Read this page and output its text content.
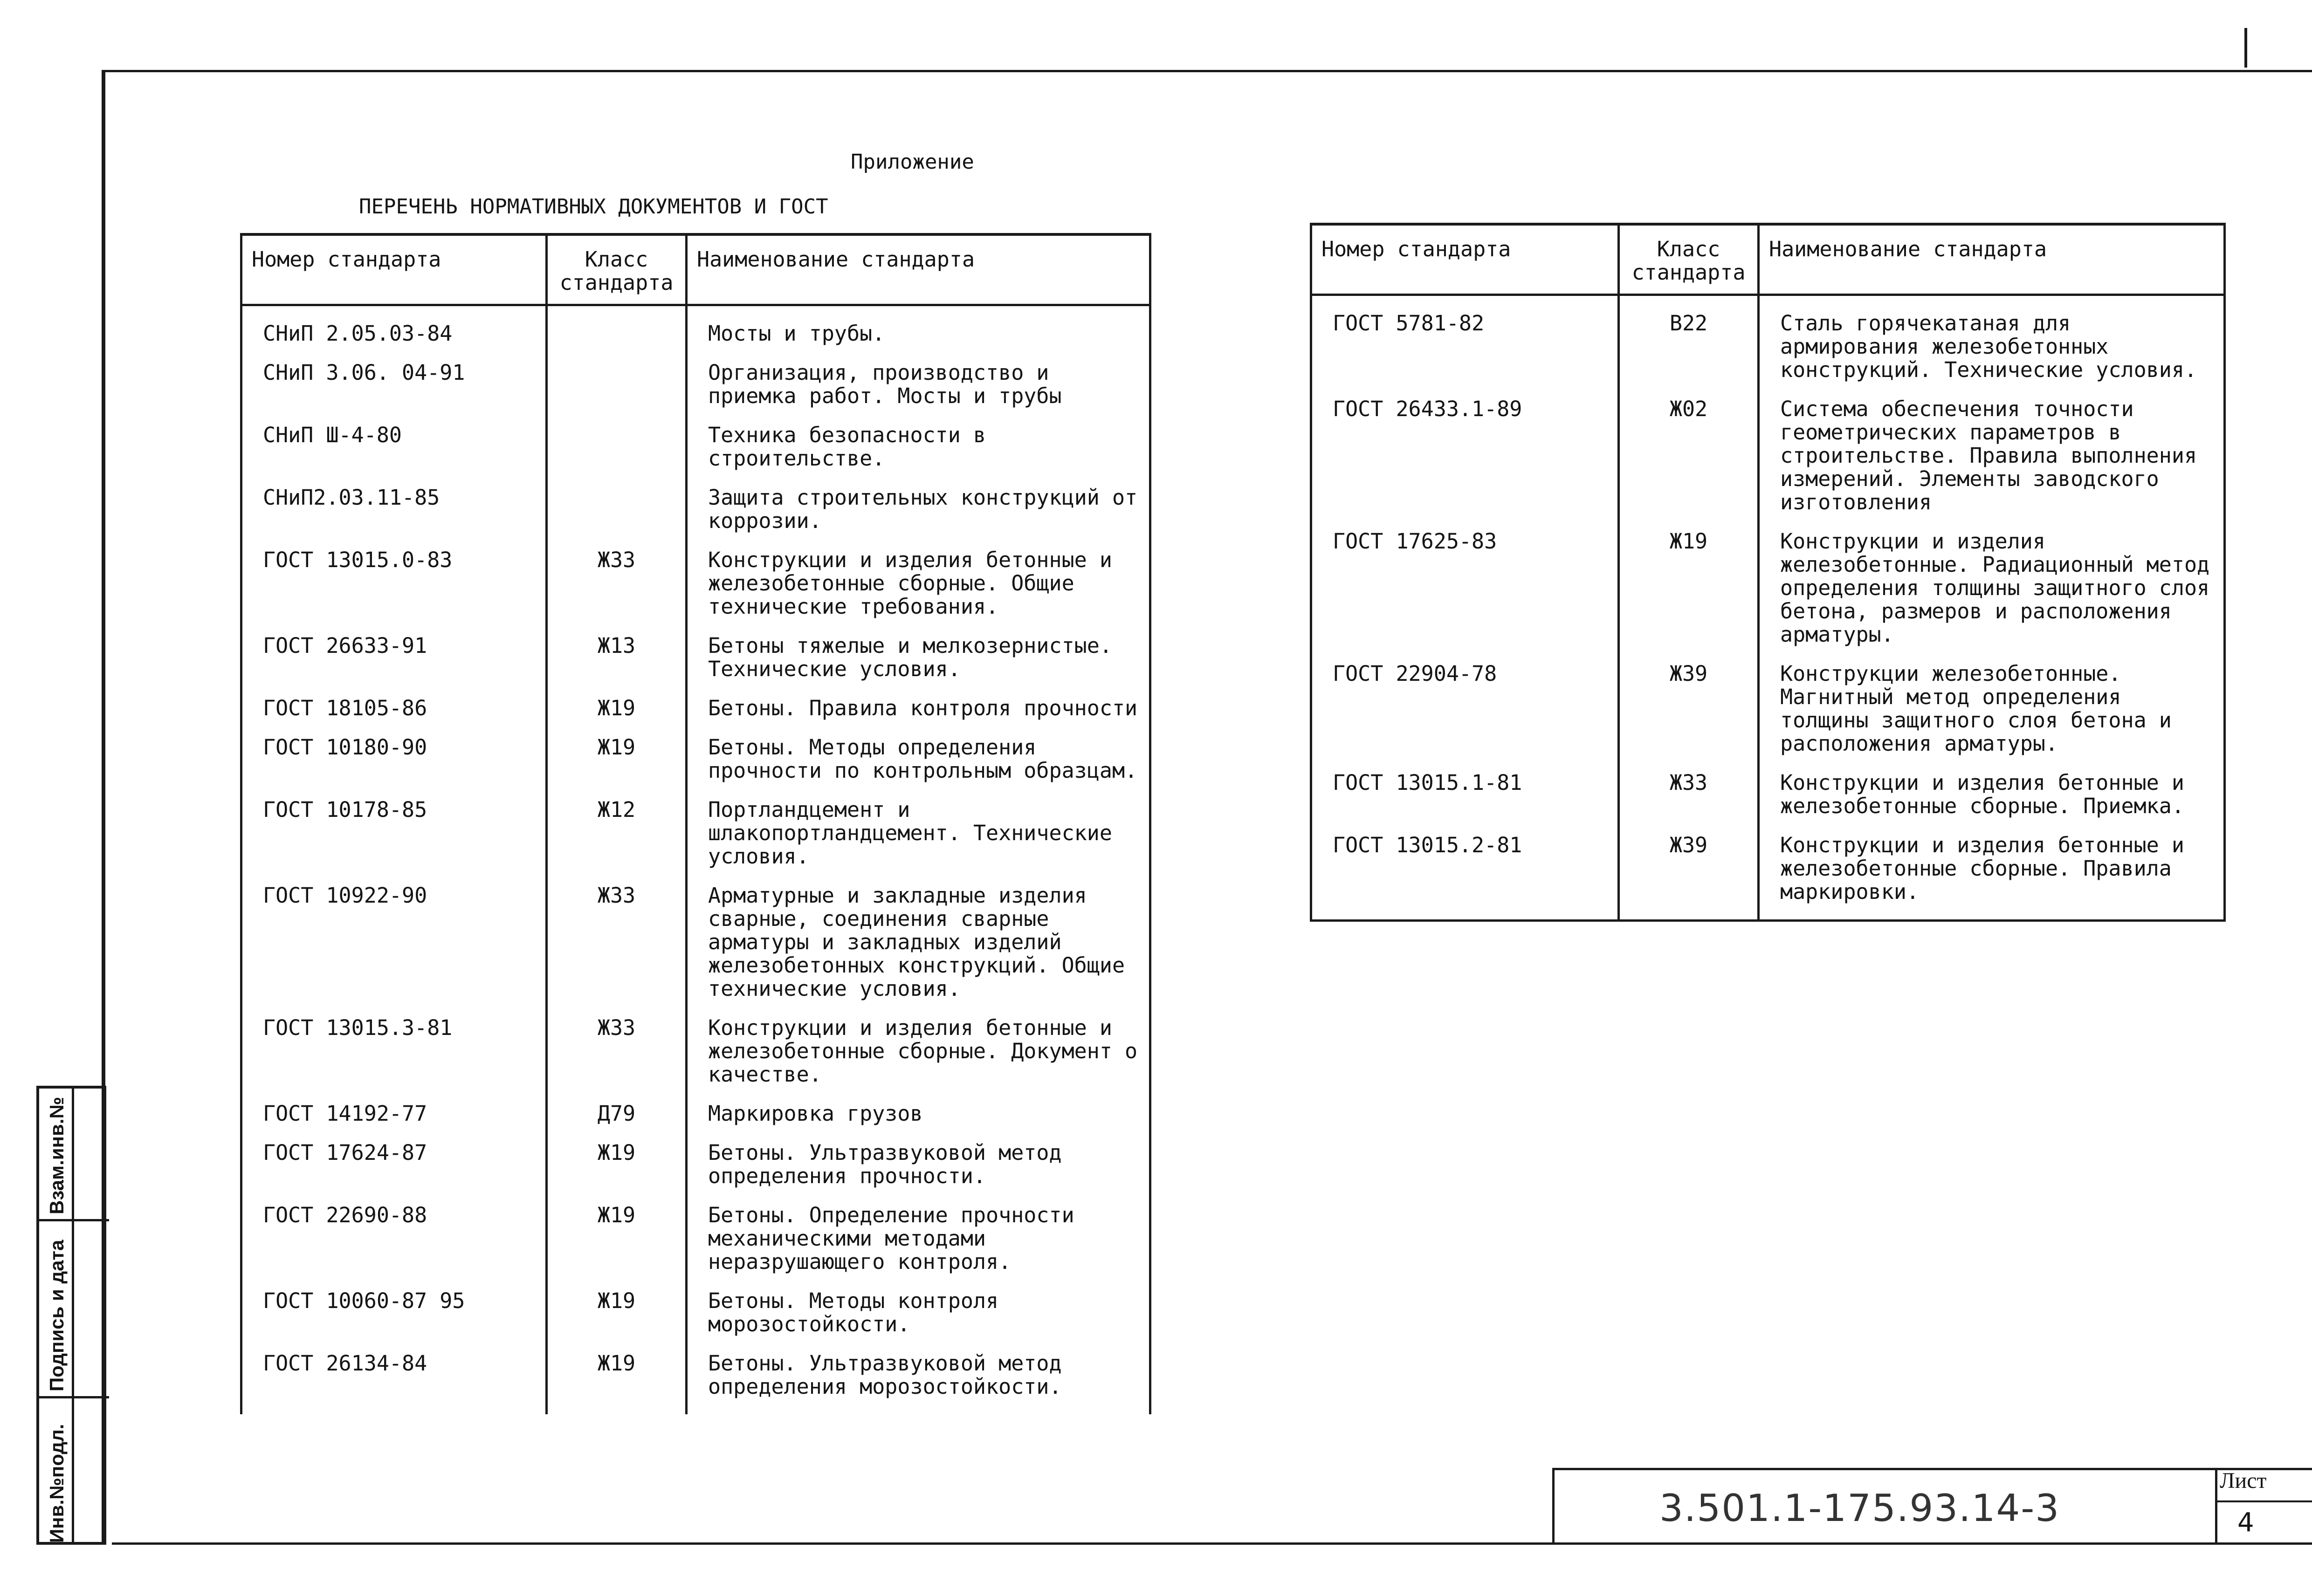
Приложение
ПЕРЕЧЕНЬ НОРМАТИВНЫХ ДОКУМЕНТОВ И ГОСТ
Номер стандарта	Класс стандарта	Наименование стандарта

СНиП 2.05.03-84		Мосты и трубы.

СНиП 3.06. 04-91		Организация, производство и приемка работ. Мосты и трубы

СНиП Ш-4-80		Техника безопасности в строительстве.

СНиП2.03.11-85		Защита строительных конструкций от коррозии.

ГОСТ 13015.0-83	Ж33	Конструкции и изделия бетонные и железобетонные сборные. Общие технические требования.

ГОСТ 26633-91	Ж13	Бетоны тяжелые и мелкозернистые. Технические условия.

ГОСТ 18105-86	Ж19	Бетоны. Правила контроля прочности

ГОСТ 10180-90	Ж19	Бетоны. Методы определения прочности по контрольным образцам.

ГОСТ 10178-85	Ж12	Портландцемент и шлакопортландцемент. Технические условия.

ГОСТ 10922-90	Ж33	Арматурные и закладные изделия сварные, соединения сварные арматуры и закладных изделий железобетонных конструкций. Общие технические условия.

ГОСТ 13015.3-81	Ж33	Конструкции и изделия бетонные и железобетонные сборные. Документ о качестве.

ГОСТ 14192-77	Д79	Маркировка грузов

ГОСТ 17624-87	Ж19	Бетоны. Ультразвуковой метод определения прочности.

ГОСТ 22690-88	Ж19	Бетоны. Определение прочности механическими методами неразрушающего контроля.

ГОСТ 10060-87 95	Ж19	Бетоны. Методы контроля морозостойкости.

ГОСТ 26134-84	Ж19	Бетоны. Ультразвуковой метод определения морозостойкости.

Номер стандарта	Класс стандарта	Наименование стандарта

ГОСТ 5781-82	В22	Сталь горячекатаная для армирования железобетонных конструкций. Технические условия.

ГОСТ 26433.1-89	Ж02	Система обеспечения точности геометрических параметров в строительстве. Правила выполнения измерений. Элементы заводского изготовления

ГОСТ 17625-83	Ж19	Конструкции и изделия железобетонные. Радиационный метод определения толщины защитного слоя бетона, размеров и расположения арматуры.

ГОСТ 22904-78	Ж39	Конструкции железобетонные. Магнитный метод определения толщины защитного слоя бетона и расположения арматуры.

ГОСТ 13015.1-81	Ж33	Конструкции и изделия бетонные и железобетонные сборные. Приемка.

ГОСТ 13015.2-81	Ж39	Конструкции и изделия бетонные и железобетонные сборные. Правила маркировки.

Взам.инв.№
Подпись и дата
Инв.№подл.	3.501.1-175.93.14-3
Лист
4
